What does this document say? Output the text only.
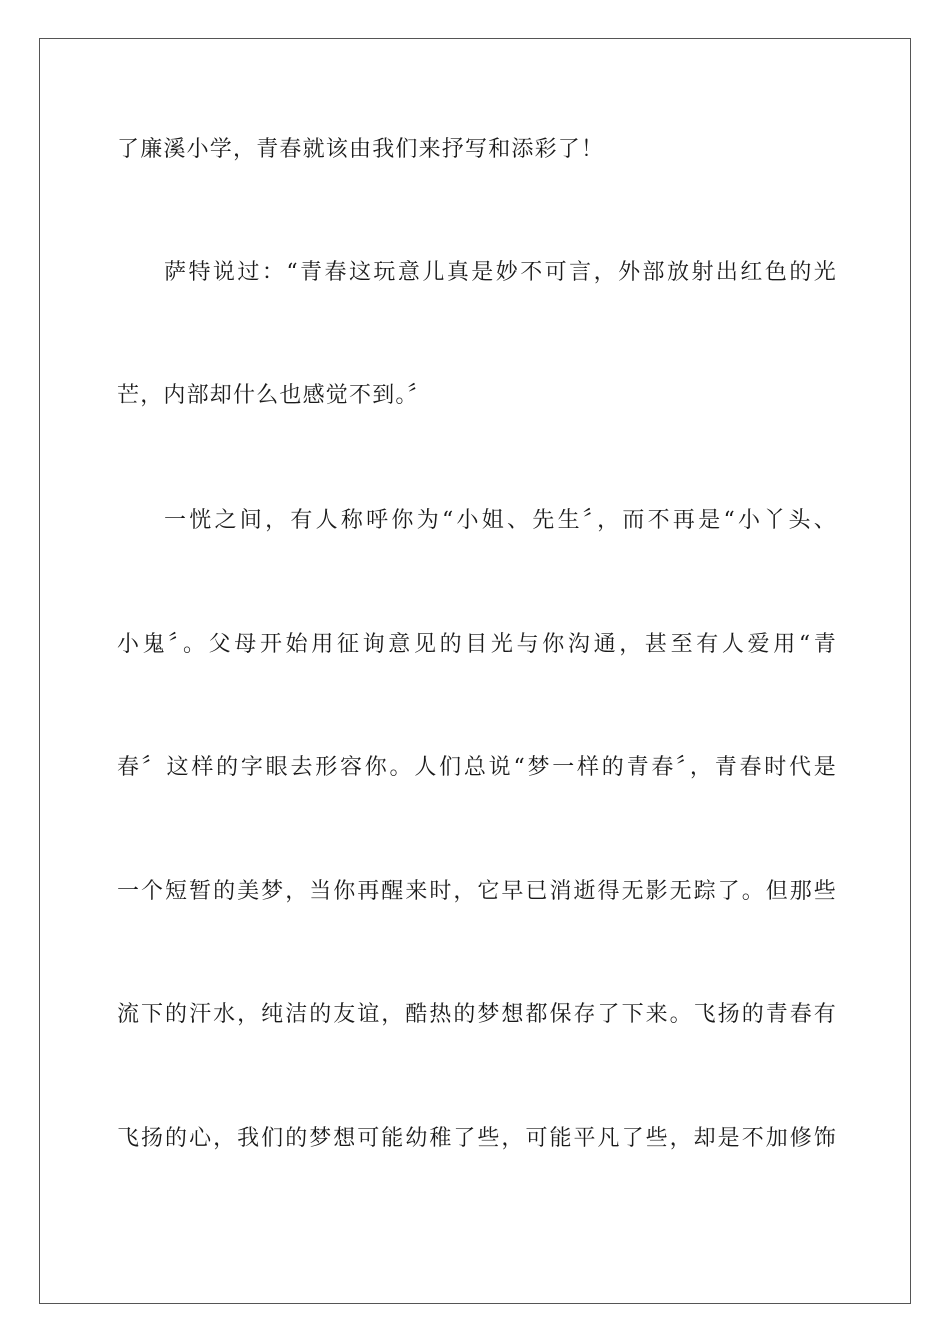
了廉溪小学，青春就该由我们来抒写和添彩了！
萨特说过：“青春这玩意儿真是妙不可言，外部放射出红色的光
芒，内部却什么也感觉不到。〞
一恍之间，有人称呼你为“小姐、先生〞，而不再是“小丫头、
小鬼〞。父母开始用征询意见的目光与你沟通，甚至有人爱用“青
春〞这样的字眼去形容你。人们总说“梦一样的青春〞，青春时代是
一个短暂的美梦，当你再醒来时，它早已消逝得无影无踪了。但那些
流下的汗水，纯洁的友谊，酷热的梦想都保存了下来。飞扬的青春有
飞扬的心，我们的梦想可能幼稚了些，可能平凡了些，却是不加修饰
